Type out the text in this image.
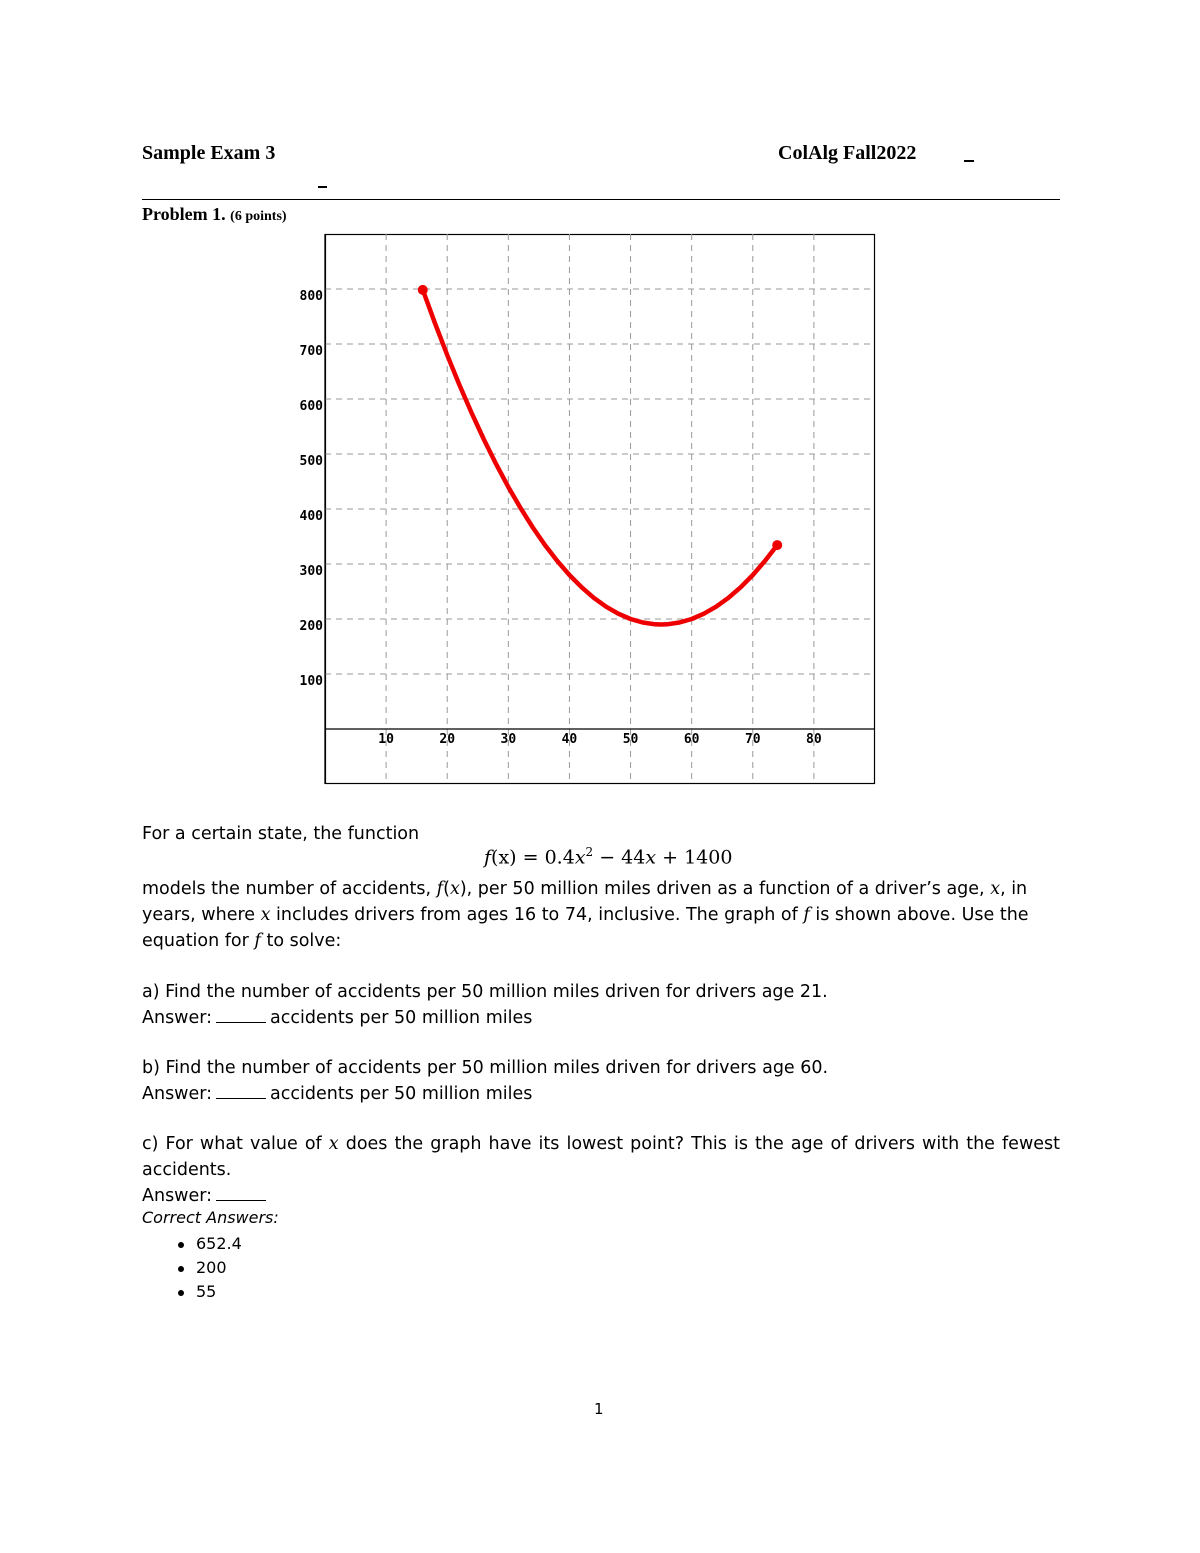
Sample Exam 3	ColAlg Fall2022
Problem 1. (6 points)
10	20	30	40	50	60	70	80
100
200
300
400
500
600
700
800
For a certain state, the function
$f(x) = 0.4x^2 - 44x + 1400$
models the number of accidents, f(x), per 50 million miles driven as a function of a driver’s age, x, in years, where x includes drivers from ages 16 to 74, inclusive. The graph of f is shown above. Use the equation for f to solve:
a) Find the number of accidents per 50 million miles driven for drivers age 21.
Answer:	accidents per 50 million miles
b) Find the number of accidents per 50 million miles driven for drivers age 60.
Answer:	accidents per 50 million miles
c) For what value of x does the graph have its lowest point? This is the age of drivers with the fewest accidents.
Answer:
Correct Answers:
652.4
200
55
1
